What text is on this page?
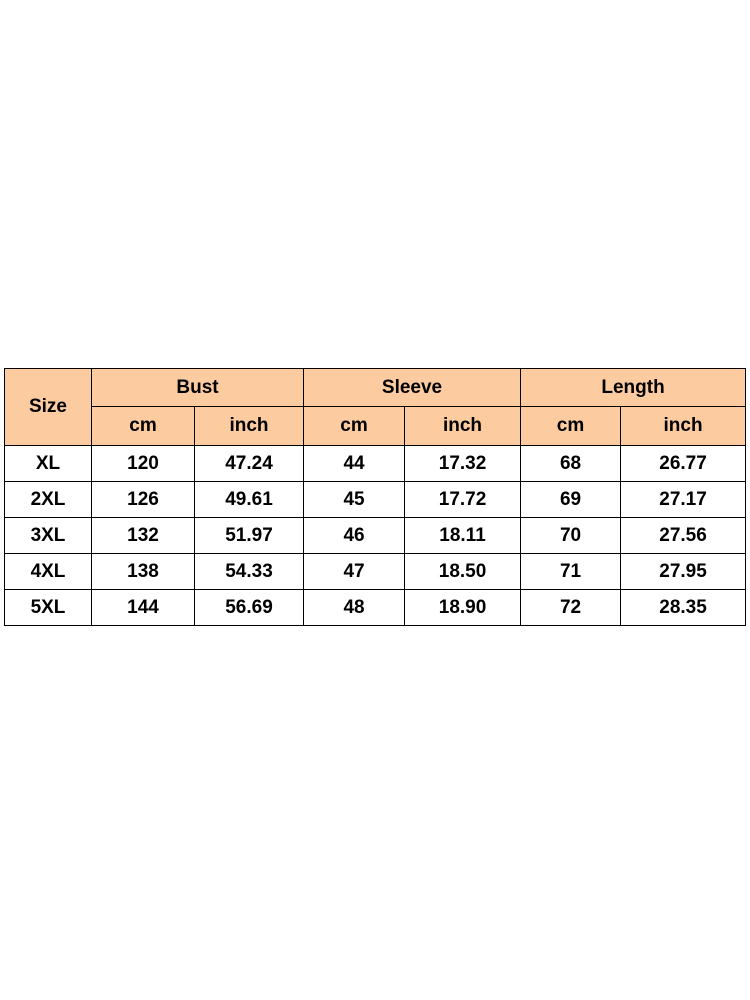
Size	Bust		Sleeve		Length	
	cm	inch	cm	inch	cm	inch
XL	120	47.24	44	17.32	68	26.77
2XL	126	49.61	45	17.72	69	27.17
3XL	132	51.97	46	18.11	70	27.56
4XL	138	54.33	47	18.50	71	27.95
5XL	144	56.69	48	18.90	72	28.35
